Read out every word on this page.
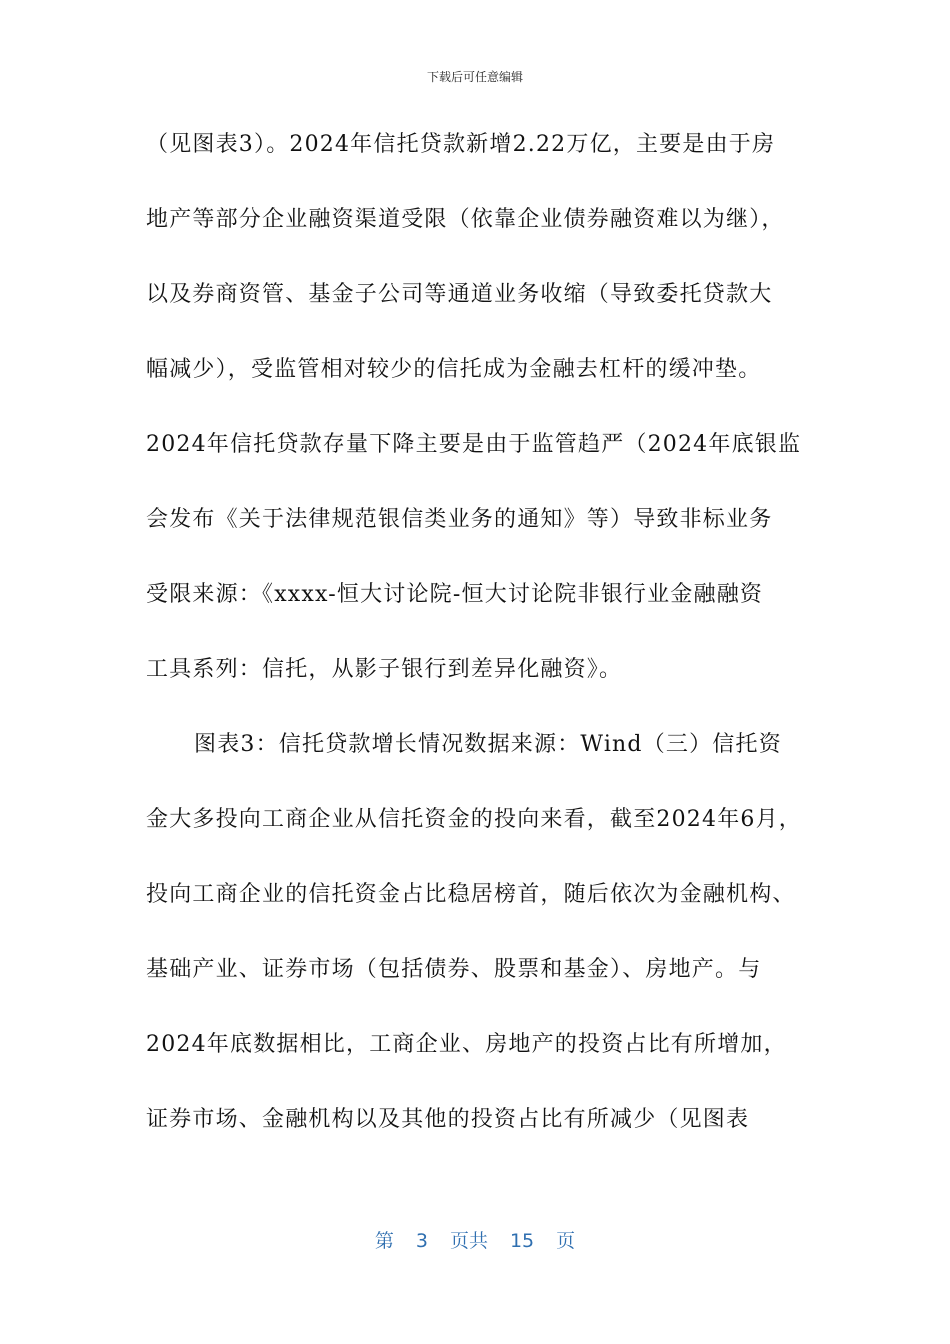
下载后可任意编辑
（见图表3）。2024年信托贷款新增2.22万亿，主要是由于房
地产等部分企业融资渠道受限（依靠企业债券融资难以为继），
以及券商资管、基金子公司等通道业务收缩（导致委托贷款大
幅减少），受监管相对较少的信托成为金融去杠杆的缓冲垫。
2024年信托贷款存量下降主要是由于监管趋严（2024年底银监
会发布《关于法律规范银信类业务的通知》等）导致非标业务
受限来源：《xxxx-恒大讨论院-恒大讨论院非银行业金融融资
工具系列：信托，从影子银行到差异化融资》。
图表3：信托贷款增长情况数据来源：Wind（三）信托资
金大多投向工商企业从信托资金的投向来看，截至2024年6月，
投向工商企业的信托资金占比稳居榜首，随后依次为金融机构、
基础产业、证券市场（包括债券、股票和基金）、房地产。与
2024年底数据相比，工商企业、房地产的投资占比有所增加，
证券市场、金融机构以及其他的投资占比有所减少（见图表
第 3 页共 15 页
